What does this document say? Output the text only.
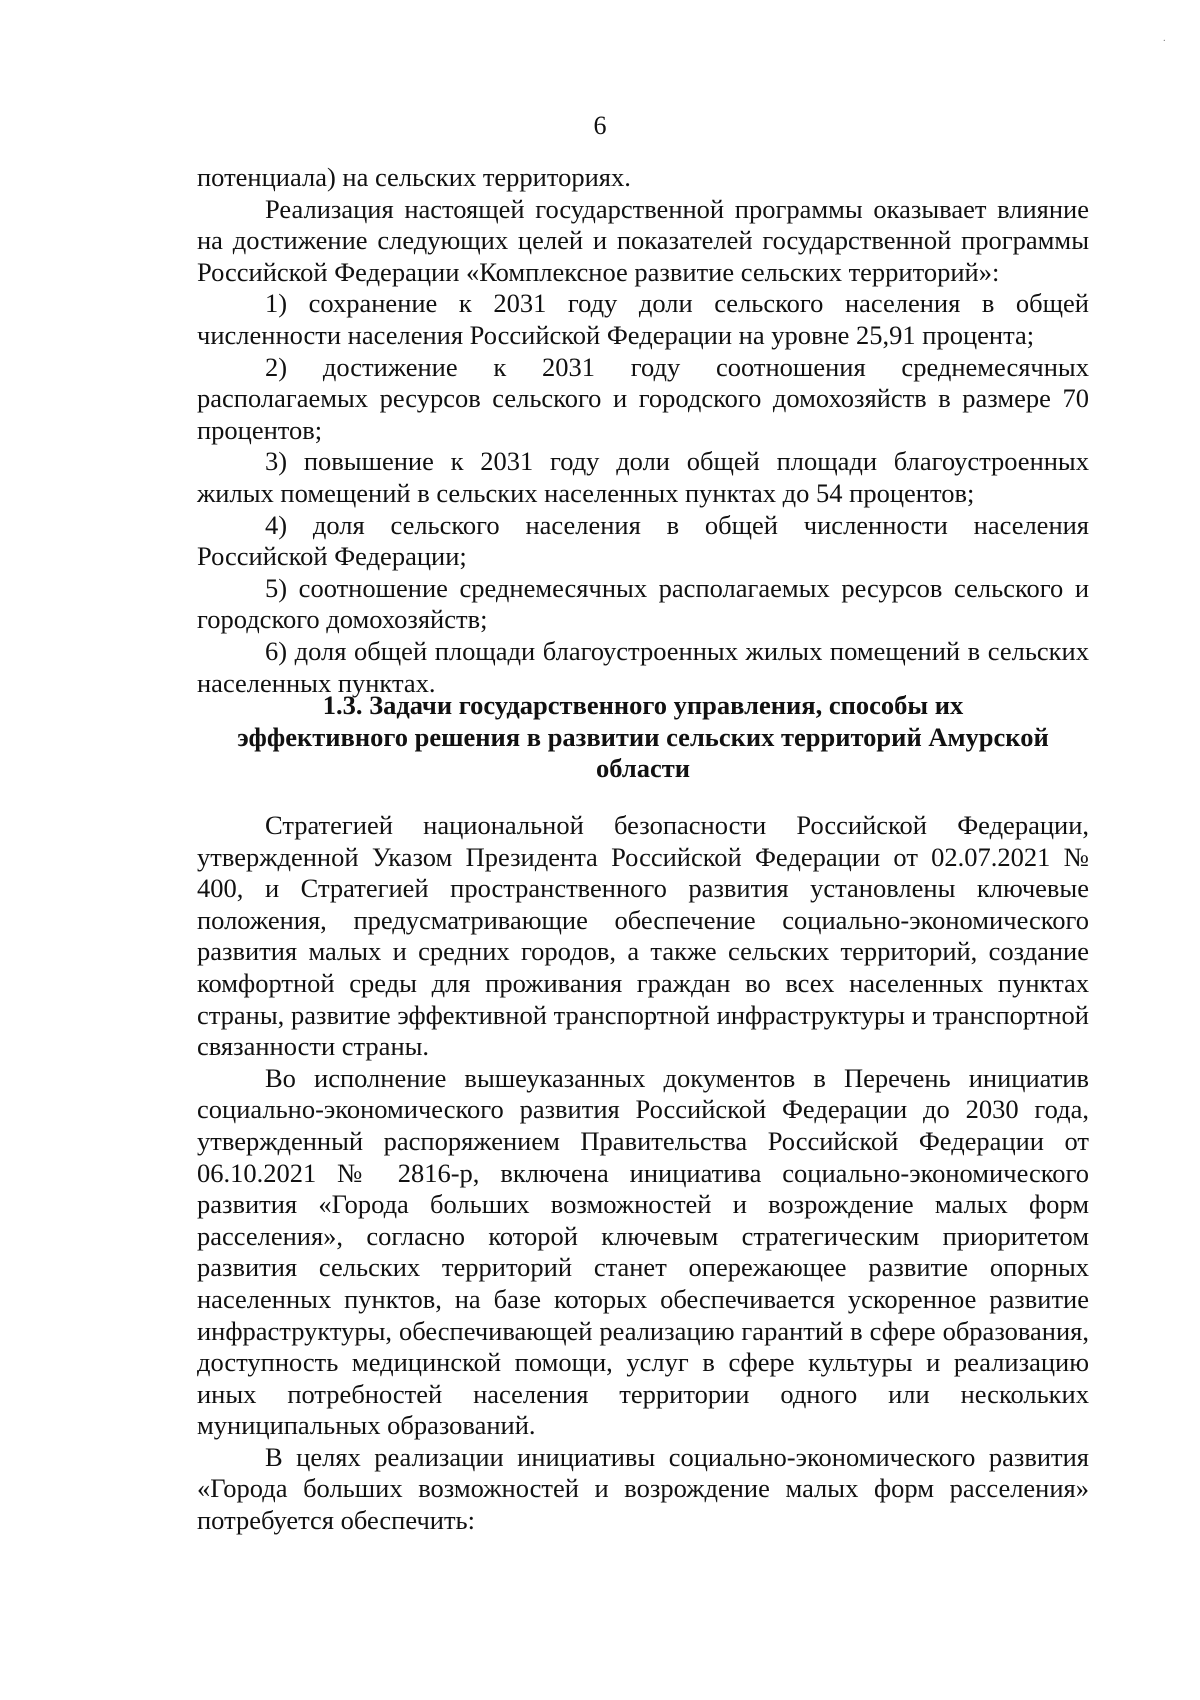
·
6

потенциала) на сельских территориях.

Реализация настоящей государственной программы оказывает влияние на достижение следующих целей и показателей государственной программы Российской Федерации «Комплексное развитие сельских территорий»:

1) сохранение к 2031 году доли сельского населения в общей численности населения Российской Федерации на уровне 25,91 процента;

2) достижение к 2031 году соотношения среднемесячных располагаемых ресурсов сельского и городского домохозяйств в размере 70 процентов;

3) повышение к 2031 году доли общей площади благоустроенных жилых помещений в сельских населенных пунктах до 54 процентов;

4) доля сельского населения в общей численности населения Российской Федерации;

5) соотношение среднемесячных располагаемых ресурсов сельского и городского домохозяйств;

6) доля общей площади благоустроенных жилых помещений в сельских населенных пунктах.

1.3. Задачи государственного управления, способы их
эффективного решения в развитии сельских территорий Амурской
области

Стратегией национальной безопасности Российской Федерации, утвержденной Указом Президента Российской Федерации от 02.07.2021 № 400, и Стратегией пространственного развития установлены ключевые положения, предусматривающие обеспечение социально-экономического развития малых и средних городов, а также сельских территорий, создание комфортной среды для проживания граждан во всех населенных пунктах страны, развитие эффективной транспортной инфраструктуры и транспортной связанности страны.

Во исполнение вышеуказанных документов в Перечень инициатив социально-экономического развития Российской Федерации до 2030 года, утвержденный распоряжением Правительства Российской Федерации от 06.10.2021 № 2816-р, включена инициатива социально-экономического развития «Города больших возможностей и возрождение малых форм расселения», согласно которой ключевым стратегическим приоритетом развития сельских территорий станет опережающее развитие опорных населенных пунктов, на базе которых обеспечивается ускоренное развитие инфраструктуры, обеспечивающей реализацию гарантий в сфере образования, доступность медицинской помощи, услуг в сфере культуры и реализацию иных потребностей населения территории одного или нескольких муниципальных образований.

В целях реализации инициативы социально-экономического развития «Города больших возможностей и возрождение малых форм расселения» потребуется обеспечить:
